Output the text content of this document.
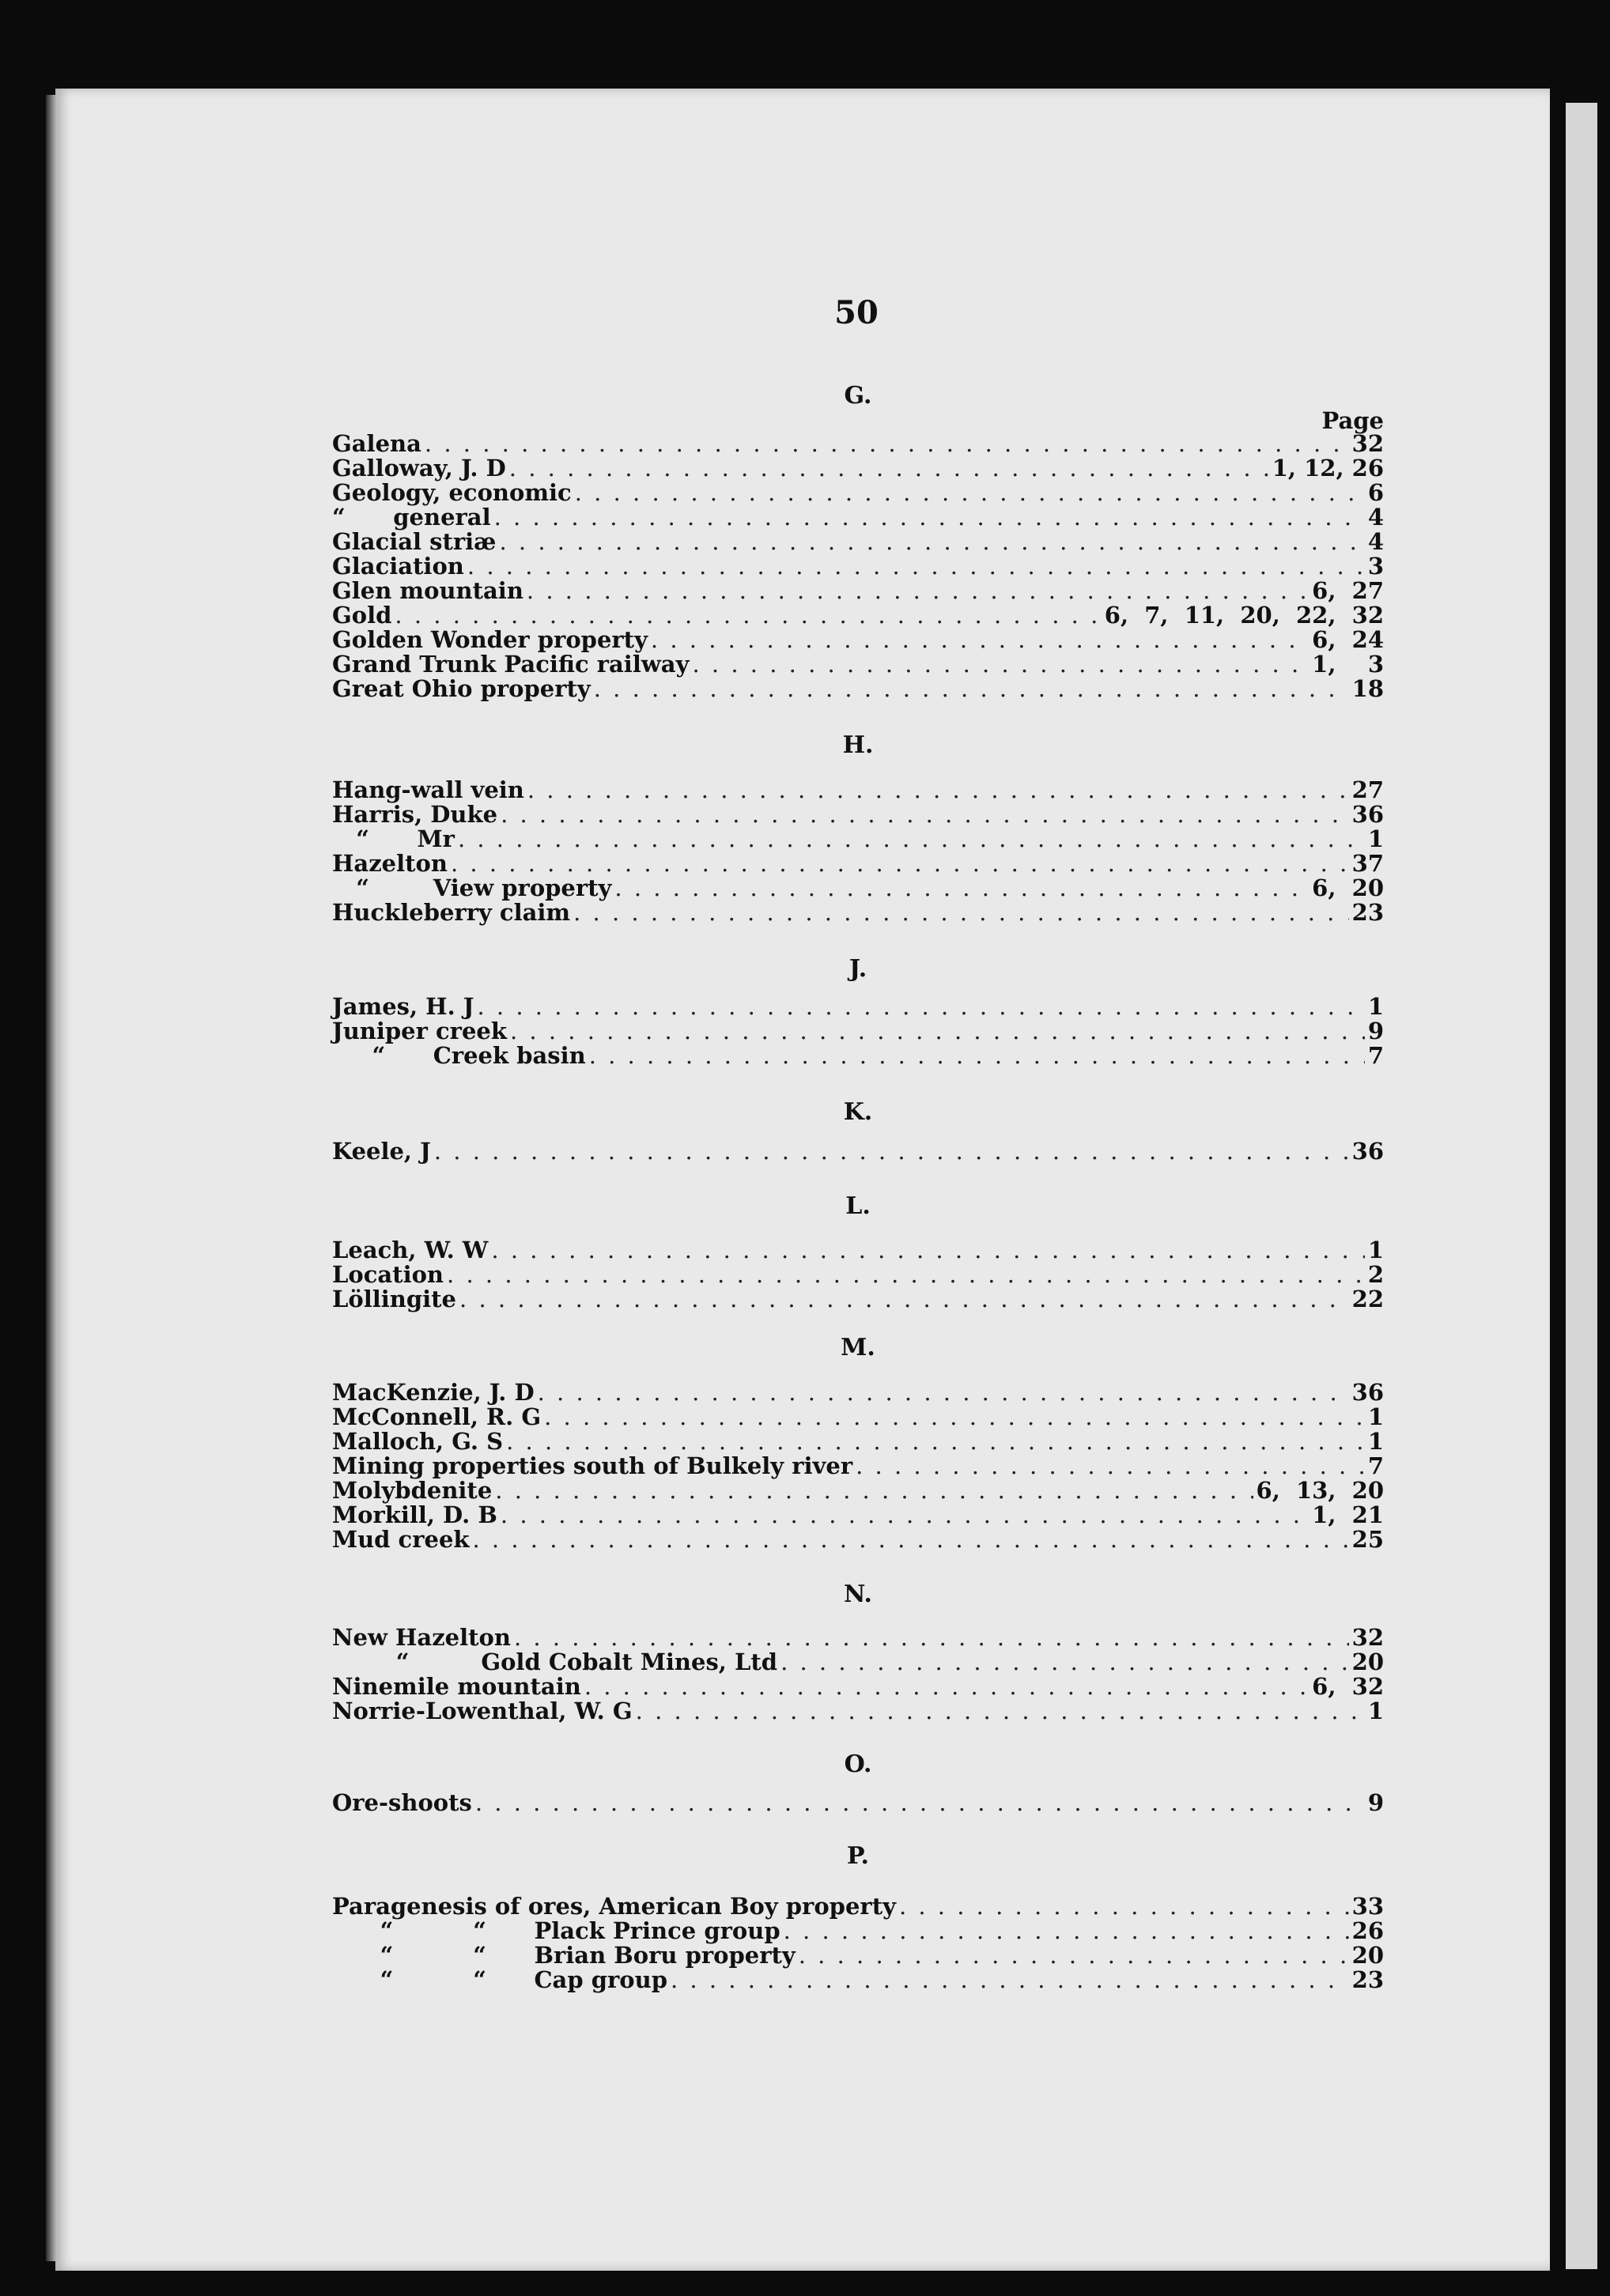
50
Page
G.
Galena . . .	32
Galloway, J. D . . .	1, 12, 26
Geology, economic . . .	6
“      general . . .	4
Glacial striæ . . .	4
Glaciation . . .	3
Glen mountain . . .	6,  27
Gold . . .	6,  7,  11,  20,  22,  32
Golden Wonder property . . .	6,  24
Grand Trunk Pacific railway . . .	1,    3
Great Ohio property . . .	18
H.
Hang-wall vein . . .	27
Harris, Duke . . .	36
“      Mr . . .	1
Hazelton . . .	37
“        View property . . .	6,  20
Huckleberry claim . . .	23
J.
James, H. J . . .	1
Juniper creek . . .	9
“      Creek basin . . .	7
K.
Keele, J . . .	36
L.
Leach, W. W . . .	1
Location . . .	2
Löllingite . . .	22
M.
MacKenzie, J. D . . .	36
McConnell, R. G . . .	1
Malloch, G. S . . .	1
Mining properties south of Bulkely river . . .	7
Molybdenite . . .	6,  13,  20
Morkill, D. B . . .	1,  21
Mud creek . . .	25
N.
New Hazelton . . .	32
“         Gold Cobalt Mines, Ltd . . .	20
Ninemile mountain . . .	6,  32
Norrie-Lowenthal, W. G . . .	1
O.
Ore-shoots . . .	9
P.
Paragenesis of ores, American Boy property . . .	33
“          “      Plack Prince group . . .	26
“          “      Brian Boru property . . .	20
“          “      Cap group . . .	23
